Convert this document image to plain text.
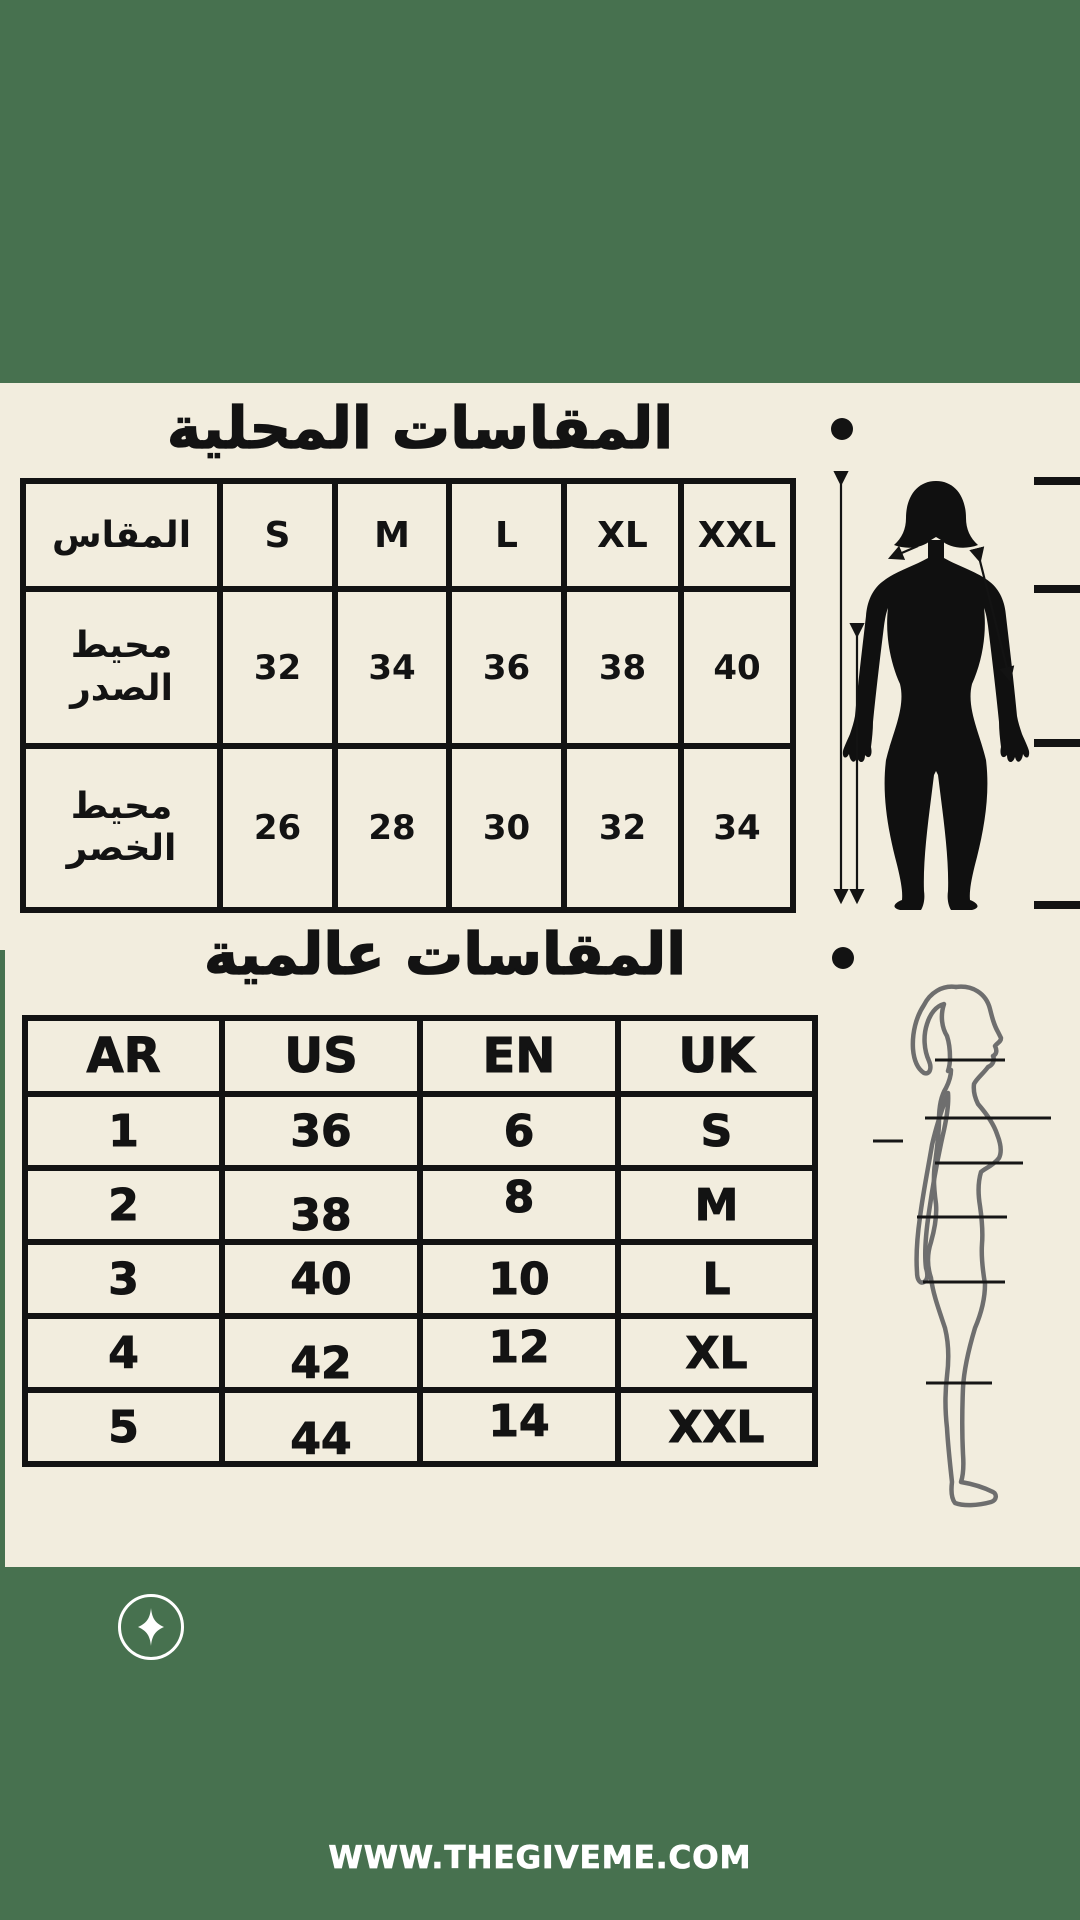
المقاسات المحلية
المقاس	S	M	L	XL	XXL
محيط الصدر	32	34	36	38	40
محيط الخصر	26	28	30	32	34
المقاسات عالمية
AR	US	EN	UK
1	36	6	S
2	38	8	M
3	40	10	L
4	42	12	XL
5	44	14	XXL
WWW.THEGIVEME.COM
